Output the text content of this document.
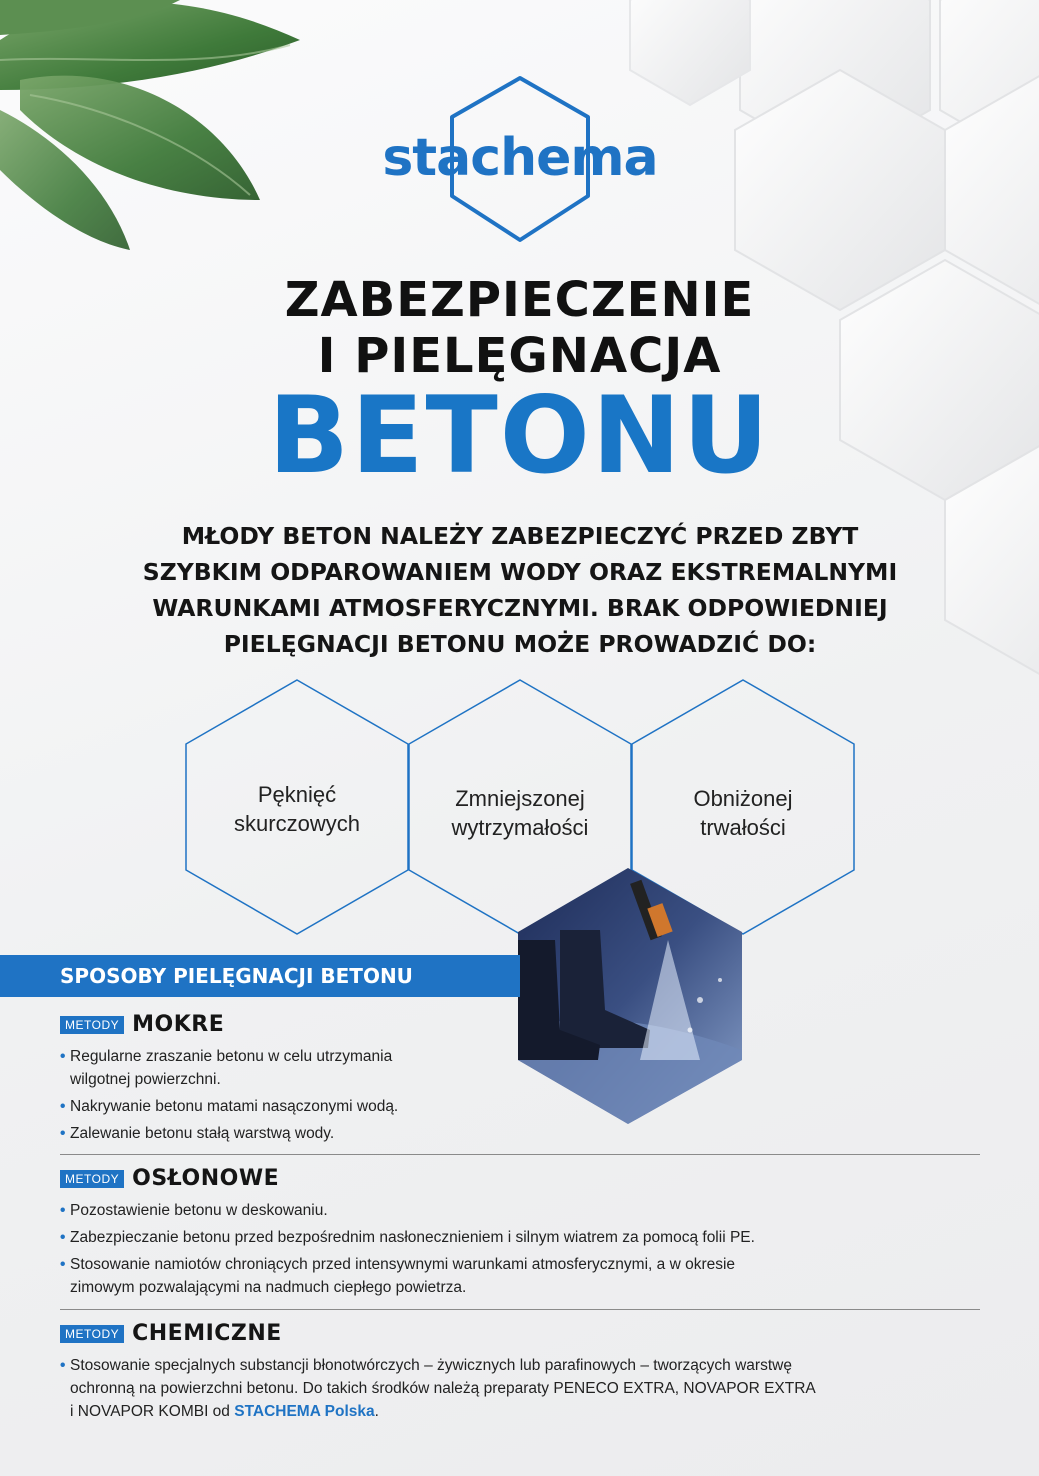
stachema
ZABEZPIECZENIE
I PIELĘGNACJA
BETONU
MŁODY BETON NALEŻY ZABEZPIECZYĆ PRZED ZBYT
SZYBKIM ODPAROWANIEM WODY ORAZ EKSTREMALNYMI
WARUNKAMI ATMOSFERYCZNYMI. BRAK ODPOWIEDNIEJ
PIELĘGNACJI BETONU MOŻE PROWADZIĆ DO:
Pęknięć
skurczowych
Zmniejszonej
wytrzymałości
Obniżonej
trwałości
SPOSOBY PIELĘGNACJI BETONU
METODY MOKRE
• Regularne zraszanie betonu w celu utrzymania
wilgotnej powierzchni.
• Nakrywanie betonu matami nasączonymi wodą.
• Zalewanie betonu stałą warstwą wody.
METODY OSŁONOWE
• Pozostawienie betonu w deskowaniu.
• Zabezpieczanie betonu przed bezpośrednim nasłonecznieniem i silnym wiatrem za pomocą folii PE.
• Stosowanie namiotów chroniących przed intensywnymi warunkami atmosferycznymi, a w okresie
zimowym pozwalającymi na nadmuch ciepłego powietrza.
METODY CHEMICZNE
• Stosowanie specjalnych substancji błonotwórczych – żywicznych lub parafinowych – tworzących warstwę
ochronną na powierzchni betonu. Do takich środków należą preparaty PENECO EXTRA, NOVAPOR EXTRA
i NOVAPOR KOMBI od STACHEMA Polska.
